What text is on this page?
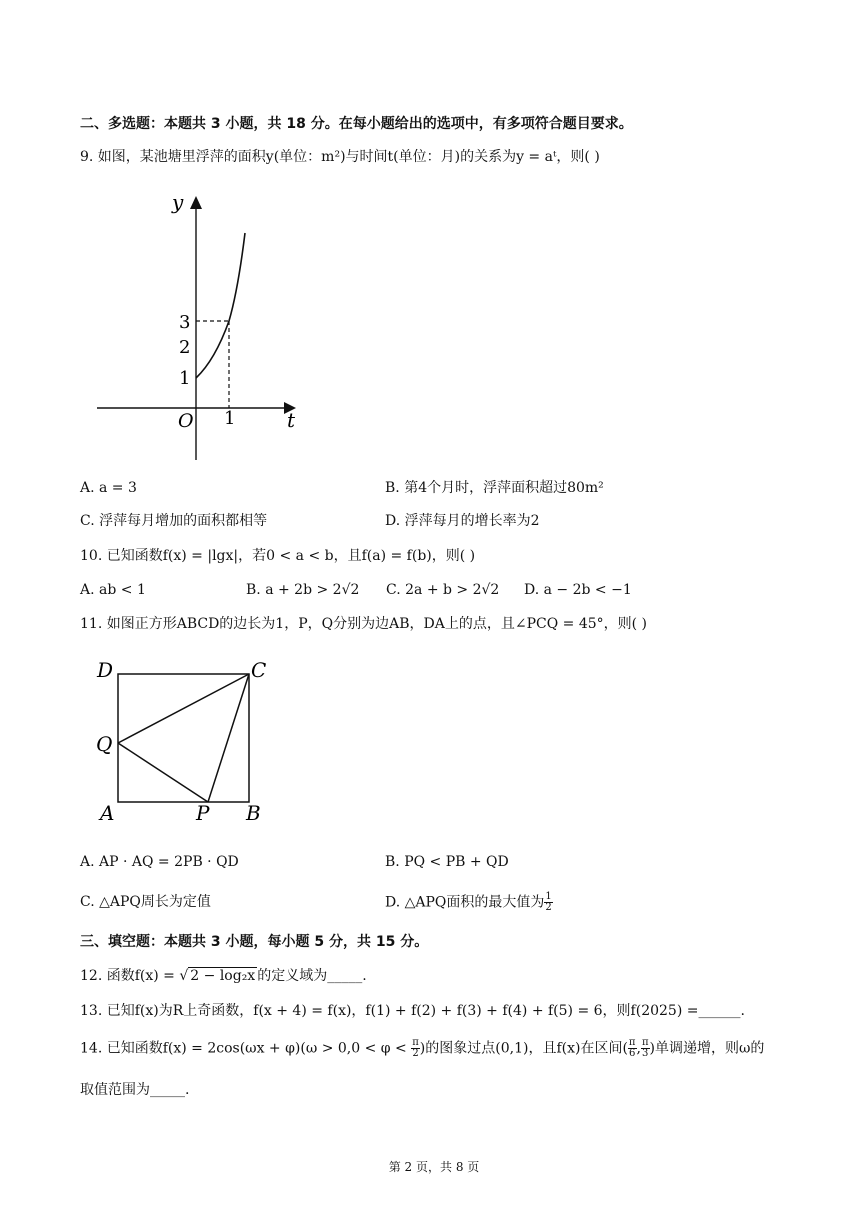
二、多选题：本题共 3 小题，共 18 分。在每小题给出的选项中，有多项符合题目要求。
9. 如图，某池塘里浮萍的面积y(单位：m²)与时间t(单位：月)的关系为y = aᵗ，则( )
y
t
O
3
2
1
1
A. a = 3	B. 第4个月时，浮萍面积超过80m²
C. 浮萍每月增加的面积都相等	D. 浮萍每月的增长率为2
10. 已知函数f(x) = |lgx|，若0 < a < b，且f(a) = f(b)，则( )
A. ab < 1	B. a + 2b > 2√2 C. 2a + b > 2√2 D. a − 2b < −1
11. 如图正方形ABCD的边长为1，P，Q分别为边AB，DA上的点，且∠PCQ = 45°，则( )
D	C
Q
A	P B
A. AP · AQ = 2PB · QD	B. PQ < PB + QD
C. △APQ周长为定值	D. △APQ面积的最大值为 $\frac{1}{2}$
三、填空题：本题共 3 小题，每小题 5 分，共 15 分。
12. 函数f(x) = √ 2 − log₂x 的定义域为_____.
13. 已知f(x)为R上奇函数，f(x + 4) = f(x)，f(1) + f(2) + f(3) + f(4) + f(5) = 6，则f(2025) =______.
14. 已知函数$f(x) = 2\cos(\omega x + \varphi)(\omega > 0,0 < \varphi < \frac{\pi}{2}$ )的图象过点(0,1)，且f(x)在区间( $\frac{\pi}{6}$ , $\frac{\pi}{3}$ )单调递增，则ω的
取值范围为_____.
第 2 页，共 8 页
